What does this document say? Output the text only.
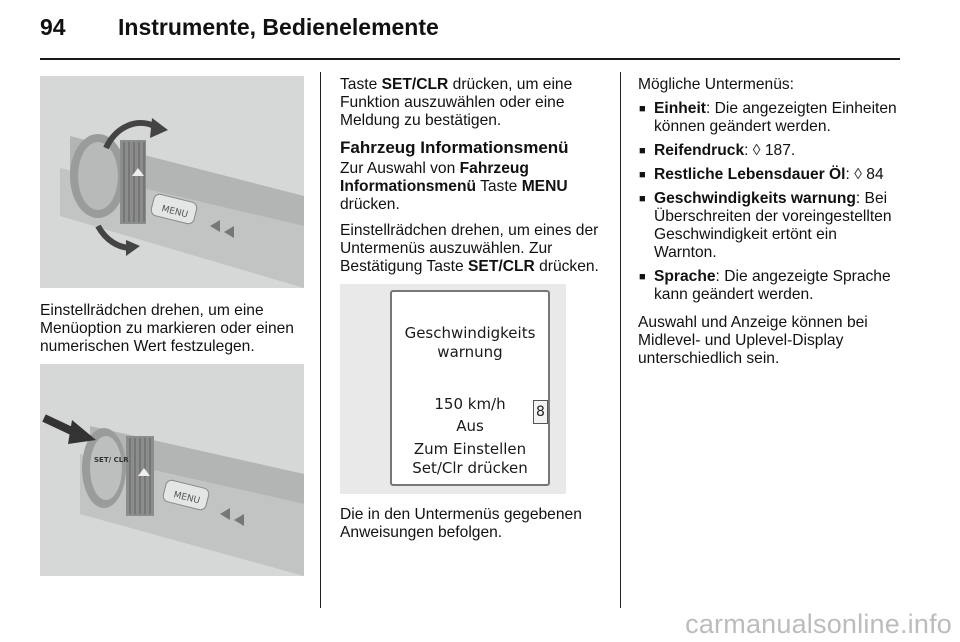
94 Instrumente, Bedienelemente
MENU

Einstellrädchen drehen, um eine Menüoption zu markieren oder einen numerischen Wert festzulegen.

SET/ CLR
MENU

Taste SET/CLR drücken, um eine Funktion auszuwählen oder eine Meldung zu bestätigen.

Fahrzeug Informationsmenü

Zur Auswahl von Fahrzeug Informationsmenü Taste MENU drücken.

Einstellrädchen drehen, um eines der Untermenüs auszuwählen. Zur Bestätigung Taste SET/CLR drücken.

Geschwindigkeits
warnung
150 km/h
Aus
Zum Einstellen
Set/Clr drücken
8

Die in den Untermenüs gegebenen Anweisungen befolgen.

Mögliche Untermenüs:

■ Einheit: Die angezeigten Einheiten können geändert werden.
■ Reifendruck: ◊ 187.
■ Restliche Lebensdauer Öl: ◊ 84
■ Geschwindigkeits warnung: Bei Überschreiten der voreingestellten Geschwindigkeit ertönt ein Warnton.
■ Sprache: Die angezeigte Sprache kann geändert werden.

Auswahl und Anzeige können bei Midlevel- und Uplevel-Display unterschiedlich sein.

carmanualsonline.info
